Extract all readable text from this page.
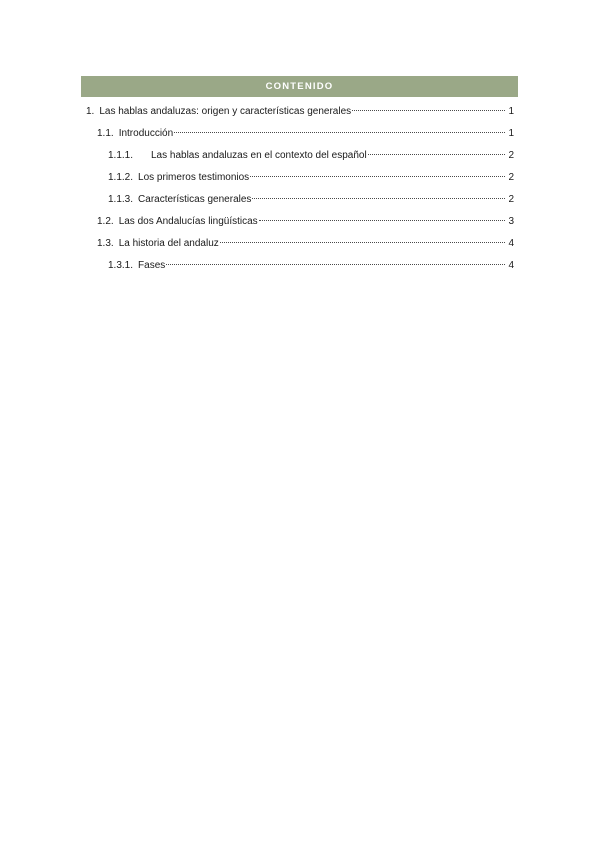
CONTENIDO
1. Las hablas andaluzas: origen y características generales	1
1.1. Introducción	1
1.1.1.	Las hablas andaluzas en el contexto del español	2
1.1.2. Los primeros testimonios	2
1.1.3. Características generales	2
1.2. Las dos Andalucías lingüísticas	3
1.3. La historia del andaluz	4
1.3.1. Fases	4
